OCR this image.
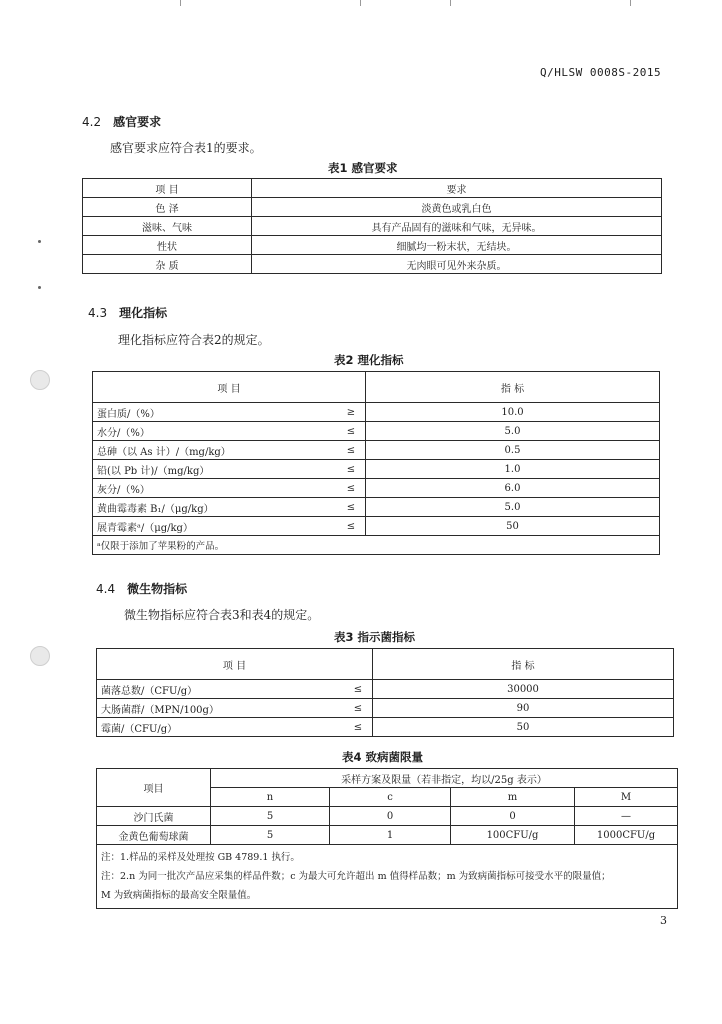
Q/HLSW 0008S-2015
4.2 感官要求
感官要求应符合表1的要求。
表1 感官要求
项 目	要求
色 泽	淡黄色或乳白色
滋味、气味	具有产品固有的滋味和气味，无异味。
性状	细腻均一粉末状，无结块。
杂 质	无肉眼可见外来杂质。
4.3 理化指标
理化指标应符合表2的规定。
表2 理化指标
项 目		指 标
蛋白质/（%）	≥	10.0
水分/（%）	≤	5.0
总砷（以 As 计）/（mg/kg）	≤	0.5
铅(以 Pb 计)/（mg/kg）	≤	1.0
灰分/（%）	≤	6.0
黄曲霉毒素 B₁/（μg/kg）	≤	5.0
展青霉素ᵃ/（μg/kg）	≤	50
ᵃ仅限于添加了苹果粉的产品。		
4.4 微生物指标
微生物指标应符合表3和表4的规定。
表3 指示菌指标
项 目		指 标
菌落总数/（CFU/g）	≤	30000
大肠菌群/（MPN/100g）	≤	90
霉菌/（CFU/g）	≤	50
表4 致病菌限量
项目	采样方案及限量（若非指定，均以/25g 表示）			
	n	c	m	M
沙门氏菌	5	0	0	—
金黄色葡萄球菌	5	1	100CFU/g	1000CFU/g

注：1.样品的采样及处理按 GB 4789.1 执行。
注：2.n 为同一批次产品应采集的样品件数；c 为最大可允许超出 m 值得样品数；m 为致病菌指标可接受水平的限量值；
M 为致病菌指标的最高安全限量值。				
3
